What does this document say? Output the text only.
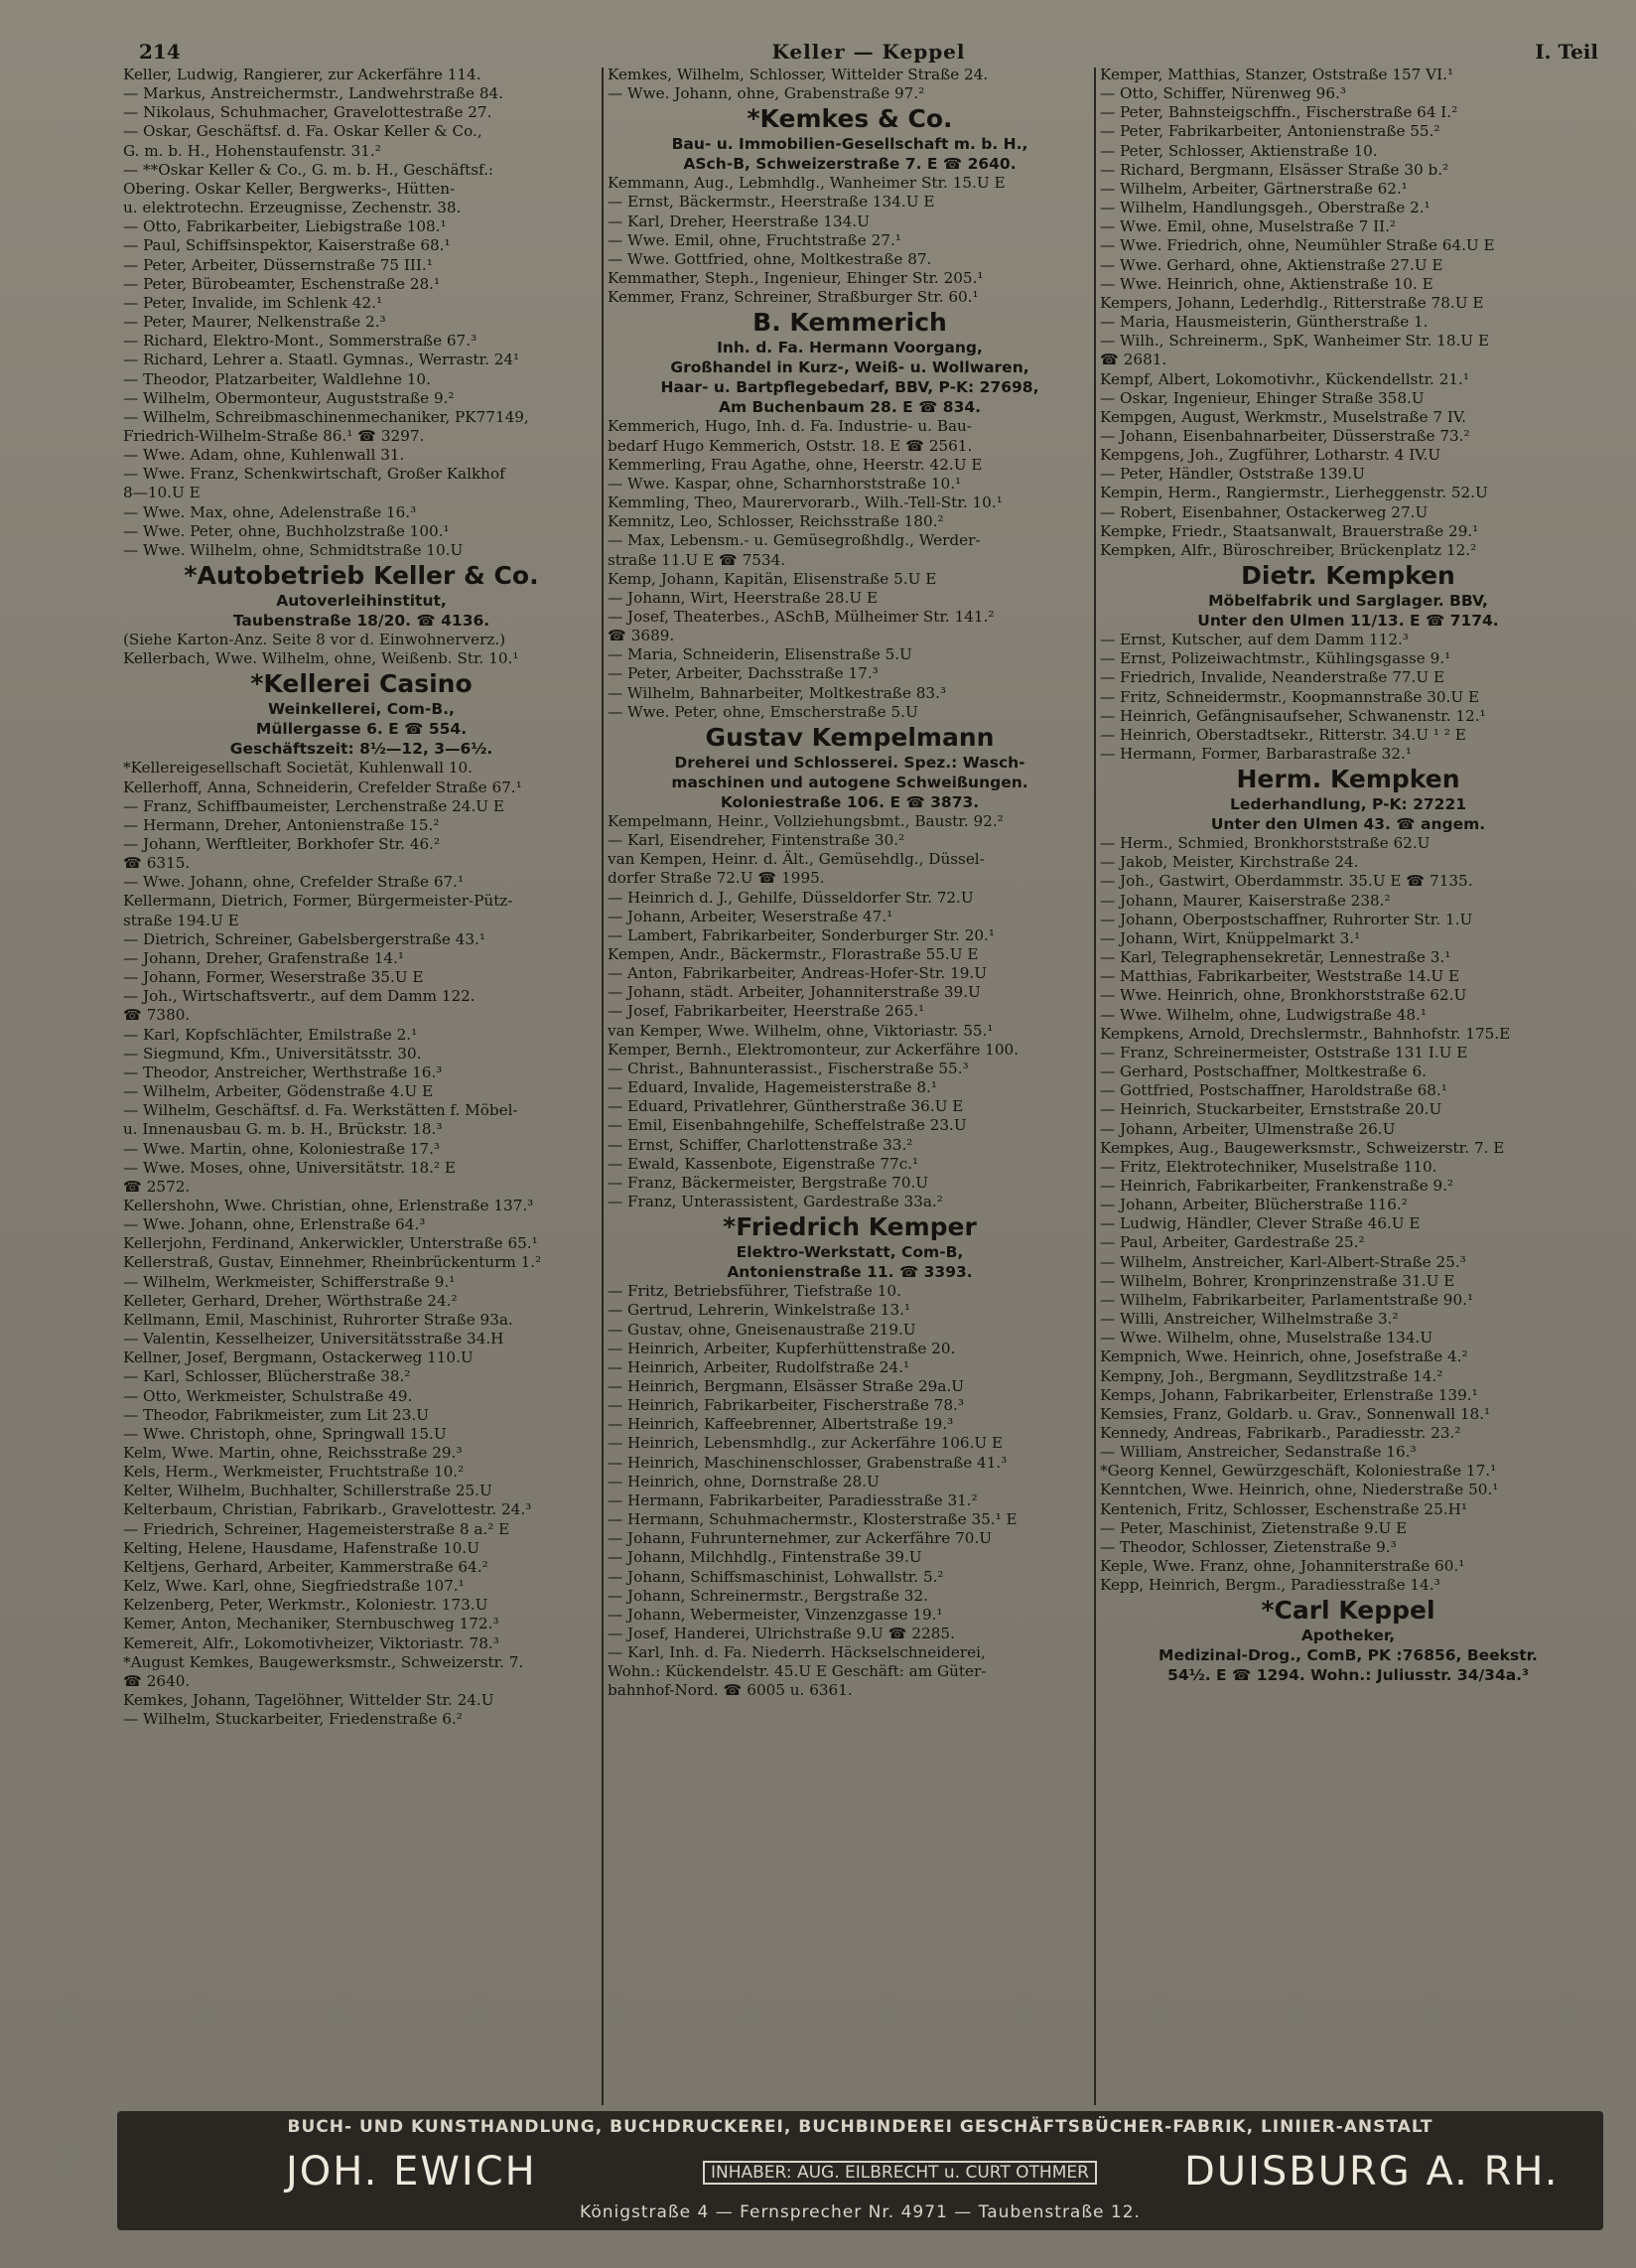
214	Keller — Keppel	I. Teil
Keller, Ludwig, Rangierer, zur Ackerfähre 114.
— Markus, Anstreichermstr., Landwehrstraße 84.
— Nikolaus, Schuhmacher, Gravelottestraße 27.
— Oskar, Geschäftsf. d. Fa. Oskar Keller & Co.,
G. m. b. H., Hohenstaufenstr. 31.²
— **Oskar Keller & Co., G. m. b. H., Geschäftsf.:
Obering. Oskar Keller, Bergwerks-, Hütten-
u. elektrotechn. Erzeugnisse, Zechenstr. 38.
— Otto, Fabrikarbeiter, Liebigstraße 108.¹
— Paul, Schiffsinspektor, Kaiserstraße 68.¹
— Peter, Arbeiter, Düssernstraße 75 III.¹
— Peter, Bürobeamter, Eschenstraße 28.¹
— Peter, Invalide, im Schlenk 42.¹
— Peter, Maurer, Nelkenstraße 2.³
— Richard, Elektro-Mont., Sommerstraße 67.³
— Richard, Lehrer a. Staatl. Gymnas., Werrastr. 24¹
— Theodor, Platzarbeiter, Waldlehne 10.
— Wilhelm, Obermonteur, Auguststraße 9.²
— Wilhelm, Schreibmaschinenmechaniker, PK77149,
Friedrich-Wilhelm-Straße 86.¹ ☎ 3297.
— Wwe. Adam, ohne, Kuhlenwall 31.
— Wwe. Franz, Schenkwirtschaft, Großer Kalkhof
8—10.U E
— Wwe. Max, ohne, Adelenstraße 16.³
— Wwe. Peter, ohne, Buchholzstraße 100.¹
— Wwe. Wilhelm, ohne, Schmidtstraße 10.U
*Autobetrieb Keller & Co.
Autoverleihinstitut,
Taubenstraße 18/20. ☎ 4136.
(Siehe Karton-Anz. Seite 8 vor d. Einwohnerverz.)
Kellerbach, Wwe. Wilhelm, ohne, Weißenb. Str. 10.¹
*Kellerei Casino
Weinkellerei, Com-B.,
Müllergasse 6. E ☎ 554.
Geschäftszeit: 8½—12, 3—6½.
*Kellereigesellschaft Societät, Kuhlenwall 10.
Kellerhoff, Anna, Schneiderin, Crefelder Straße 67.¹
— Franz, Schiffbaumeister, Lerchenstraße 24.U E
— Hermann, Dreher, Antonienstraße 15.²
— Johann, Werftleiter, Borkhofer Str. 46.²
☎ 6315.
— Wwe. Johann, ohne, Crefelder Straße 67.¹
Kellermann, Dietrich, Former, Bürgermeister-Pütz-
straße 194.U E
— Dietrich, Schreiner, Gabelsbergerstraße 43.¹
— Johann, Dreher, Grafenstraße 14.¹
— Johann, Former, Weserstraße 35.U E
— Joh., Wirtschaftsvertr., auf dem Damm 122.
☎ 7380.
— Karl, Kopfschlächter, Emilstraße 2.¹
— Siegmund, Kfm., Universitätsstr. 30.
— Theodor, Anstreicher, Werthstraße 16.³
— Wilhelm, Arbeiter, Gödenstraße 4.U E
— Wilhelm, Geschäftsf. d. Fa. Werkstätten f. Möbel-
u. Innenausbau G. m. b. H., Brückstr. 18.³
— Wwe. Martin, ohne, Koloniestraße 17.³
— Wwe. Moses, ohne, Universitätstr. 18.² E
☎ 2572.
Kellershohn, Wwe. Christian, ohne, Erlenstraße 137.³
— Wwe. Johann, ohne, Erlenstraße 64.³
Kellerjohn, Ferdinand, Ankerwickler, Unterstraße 65.¹
Kellerstraß, Gustav, Einnehmer, Rheinbrückenturm 1.²
— Wilhelm, Werkmeister, Schifferstraße 9.¹
Kelleter, Gerhard, Dreher, Wörthstraße 24.²
Kellmann, Emil, Maschinist, Ruhrorter Straße 93a.
— Valentin, Kesselheizer, Universitätsstraße 34.H
Kellner, Josef, Bergmann, Ostackerweg 110.U
— Karl, Schlosser, Blücherstraße 38.²
— Otto, Werkmeister, Schulstraße 49.
— Theodor, Fabrikmeister, zum Lit 23.U
— Wwe. Christoph, ohne, Springwall 15.U
Kelm, Wwe. Martin, ohne, Reichsstraße 29.³
Kels, Herm., Werkmeister, Fruchtstraße 10.²
Kelter, Wilhelm, Buchhalter, Schillerstraße 25.U
Kelterbaum, Christian, Fabrikarb., Gravelottestr. 24.³
— Friedrich, Schreiner, Hagemeisterstraße 8 a.² E
Kelting, Helene, Hausdame, Hafenstraße 10.U
Keltjens, Gerhard, Arbeiter, Kammerstraße 64.²
Kelz, Wwe. Karl, ohne, Siegfriedstraße 107.¹
Kelzenberg, Peter, Werkmstr., Koloniestr. 173.U
Kemer, Anton, Mechaniker, Sternbuschweg 172.³
Kemereit, Alfr., Lokomotivheizer, Viktoriastr. 78.³
*August Kemkes, Baugewerksmstr., Schweizerstr. 7.
☎ 2640.
Kemkes, Johann, Tagelöhner, Wittelder Str. 24.U
— Wilhelm, Stuckarbeiter, Friedenstraße 6.²
Kemkes, Wilhelm, Schlosser, Wittelder Straße 24.
— Wwe. Johann, ohne, Grabenstraße 97.²
*Kemkes & Co.
Bau- u. Immobilien-Gesellschaft m. b. H.,
ASch-B, Schweizerstraße 7. E ☎ 2640.
Kemmann, Aug., Lebmhdlg., Wanheimer Str. 15.U E
— Ernst, Bäckermstr., Heerstraße 134.U E
— Karl, Dreher, Heerstraße 134.U
— Wwe. Emil, ohne, Fruchtstraße 27.¹
— Wwe. Gottfried, ohne, Moltkestraße 87.
Kemmather, Steph., Ingenieur, Ehinger Str. 205.¹
Kemmer, Franz, Schreiner, Straßburger Str. 60.¹
B. Kemmerich
Inh. d. Fa. Hermann Voorgang,
Großhandel in Kurz-, Weiß- u. Wollwaren,
Haar- u. Bartpflegebedarf, BBV, P-K: 27698,
Am Buchenbaum 28. E ☎ 834.
Kemmerich, Hugo, Inh. d. Fa. Industrie- u. Bau-
bedarf Hugo Kemmerich, Oststr. 18. E ☎ 2561.
Kemmerling, Frau Agathe, ohne, Heerstr. 42.U E
— Wwe. Kaspar, ohne, Scharnhorststraße 10.¹
Kemmling, Theo, Maurervorarb., Wilh.-Tell-Str. 10.¹
Kemnitz, Leo, Schlosser, Reichsstraße 180.²
— Max, Lebensm.- u. Gemüsegroßhdlg., Werder-
straße 11.U E ☎ 7534.
Kemp, Johann, Kapitän, Elisenstraße 5.U E
— Johann, Wirt, Heerstraße 28.U E
— Josef, Theaterbes., ASchB, Mülheimer Str. 141.²
☎ 3689.
— Maria, Schneiderin, Elisenstraße 5.U
— Peter, Arbeiter, Dachsstraße 17.³
— Wilhelm, Bahnarbeiter, Moltkestraße 83.³
— Wwe. Peter, ohne, Emscherstraße 5.U
Gustav Kempelmann
Dreherei und Schlosserei. Spez.: Wasch-
maschinen und autogene Schweißungen.
Koloniestraße 106. E ☎ 3873.
Kempelmann, Heinr., Vollziehungsbmt., Baustr. 92.²
— Karl, Eisendreher, Fintenstraße 30.²
van Kempen, Heinr. d. Ält., Gemüsehdlg., Düssel-
dorfer Straße 72.U ☎ 1995.
— Heinrich d. J., Gehilfe, Düsseldorfer Str. 72.U
— Johann, Arbeiter, Weserstraße 47.¹
— Lambert, Fabrikarbeiter, Sonderburger Str. 20.¹
Kempen, Andr., Bäckermstr., Florastraße 55.U E
— Anton, Fabrikarbeiter, Andreas-Hofer-Str. 19.U
— Johann, städt. Arbeiter, Johanniterstraße 39.U
— Josef, Fabrikarbeiter, Heerstraße 265.¹
van Kemper, Wwe. Wilhelm, ohne, Viktoriastr. 55.¹
Kemper, Bernh., Elektromonteur, zur Ackerfähre 100.
— Christ., Bahnunterassist., Fischerstraße 55.³
— Eduard, Invalide, Hagemeisterstraße 8.¹
— Eduard, Privatlehrer, Güntherstraße 36.U E
— Emil, Eisenbahngehilfe, Scheffelstraße 23.U
— Ernst, Schiffer, Charlottenstraße 33.²
— Ewald, Kassenbote, Eigenstraße 77c.¹
— Franz, Bäckermeister, Bergstraße 70.U
— Franz, Unterassistent, Gardestraße 33a.²
*Friedrich Kemper
Elektro-Werkstatt, Com-B,
Antonienstraße 11. ☎ 3393.
— Fritz, Betriebsführer, Tiefstraße 10.
— Gertrud, Lehrerin, Winkelstraße 13.¹
— Gustav, ohne, Gneisenaustraße 219.U
— Heinrich, Arbeiter, Kupferhüttenstraße 20.
— Heinrich, Arbeiter, Rudolfstraße 24.¹
— Heinrich, Bergmann, Elsässer Straße 29a.U
— Heinrich, Fabrikarbeiter, Fischerstraße 78.³
— Heinrich, Kaffeebrenner, Albertstraße 19.³
— Heinrich, Lebensmhdlg., zur Ackerfähre 106.U E
— Heinrich, Maschinenschlosser, Grabenstraße 41.³
— Heinrich, ohne, Dornstraße 28.U
— Hermann, Fabrikarbeiter, Paradiesstraße 31.²
— Hermann, Schuhmachermstr., Klosterstraße 35.¹ E
— Johann, Fuhrunternehmer, zur Ackerfähre 70.U
— Johann, Milchhdlg., Fintenstraße 39.U
— Johann, Schiffsmaschinist, Lohwallstr. 5.²
— Johann, Schreinermstr., Bergstraße 32.
— Johann, Webermeister, Vinzenzgasse 19.¹
— Josef, Handerei, Ulrichstraße 9.U ☎ 2285.
— Karl, Inh. d. Fa. Niederrh. Häckselschneiderei,
Wohn.: Kückendelstr. 45.U E Geschäft: am Güter-
bahnhof-Nord. ☎ 6005 u. 6361.
Kemper, Matthias, Stanzer, Oststraße 157 VI.¹
— Otto, Schiffer, Nürenweg 96.³
— Peter, Bahnsteigschffn., Fischerstraße 64 I.²
— Peter, Fabrikarbeiter, Antonienstraße 55.²
— Peter, Schlosser, Aktienstraße 10.
— Richard, Bergmann, Elsässer Straße 30 b.²
— Wilhelm, Arbeiter, Gärtnerstraße 62.¹
— Wilhelm, Handlungsgeh., Oberstraße 2.¹
— Wwe. Emil, ohne, Muselstraße 7 II.²
— Wwe. Friedrich, ohne, Neumühler Straße 64.U E
— Wwe. Gerhard, ohne, Aktienstraße 27.U E
— Wwe. Heinrich, ohne, Aktienstraße 10. E
Kempers, Johann, Lederhdlg., Ritterstraße 78.U E
— Maria, Hausmeisterin, Güntherstraße 1.
— Wilh., Schreinerm., SpK, Wanheimer Str. 18.U E
☎ 2681.
Kempf, Albert, Lokomotivhr., Kückendellstr. 21.¹
— Oskar, Ingenieur, Ehinger Straße 358.U
Kempgen, August, Werkmstr., Muselstraße 7 IV.
— Johann, Eisenbahnarbeiter, Düsserstraße 73.²
Kempgens, Joh., Zugführer, Lotharstr. 4 IV.U
— Peter, Händler, Oststraße 139.U
Kempin, Herm., Rangiermstr., Lierheggenstr. 52.U
— Robert, Eisenbahner, Ostackerweg 27.U
Kempke, Friedr., Staatsanwalt, Brauerstraße 29.¹
Kempken, Alfr., Büroschreiber, Brückenplatz 12.²
Dietr. Kempken
Möbelfabrik und Sarglager. BBV,
Unter den Ulmen 11/13. E ☎ 7174.
— Ernst, Kutscher, auf dem Damm 112.³
— Ernst, Polizeiwachtmstr., Kühlingsgasse 9.¹
— Friedrich, Invalide, Neanderstraße 77.U E
— Fritz, Schneidermstr., Koopmannstraße 30.U E
— Heinrich, Gefängnisaufseher, Schwanenstr. 12.¹
— Heinrich, Oberstadtsekr., Ritterstr. 34.U ¹ ² E
— Hermann, Former, Barbarastraße 32.¹
Herm. Kempken
Lederhandlung, P-K: 27221
Unter den Ulmen 43. ☎ angem.
— Herm., Schmied, Bronkhorststraße 62.U
— Jakob, Meister, Kirchstraße 24.
— Joh., Gastwirt, Oberdammstr. 35.U E ☎ 7135.
— Johann, Maurer, Kaiserstraße 238.²
— Johann, Oberpostschaffner, Ruhrorter Str. 1.U
— Johann, Wirt, Knüppelmarkt 3.¹
— Karl, Telegraphensekretär, Lennestraße 3.¹
— Matthias, Fabrikarbeiter, Weststraße 14.U E
— Wwe. Heinrich, ohne, Bronkhorststraße 62.U
— Wwe. Wilhelm, ohne, Ludwigstraße 48.¹
Kempkens, Arnold, Drechslermstr., Bahnhofstr. 175.E
— Franz, Schreinermeister, Oststraße 131 I.U E
— Gerhard, Postschaffner, Moltkestraße 6.
— Gottfried, Postschaffner, Haroldstraße 68.¹
— Heinrich, Stuckarbeiter, Ernststraße 20.U
— Johann, Arbeiter, Ulmenstraße 26.U
Kempkes, Aug., Baugewerksmstr., Schweizerstr. 7. E
— Fritz, Elektrotechniker, Muselstraße 110.
— Heinrich, Fabrikarbeiter, Frankenstraße 9.²
— Johann, Arbeiter, Blücherstraße 116.²
— Ludwig, Händler, Clever Straße 46.U E
— Paul, Arbeiter, Gardestraße 25.²
— Wilhelm, Anstreicher, Karl-Albert-Straße 25.³
— Wilhelm, Bohrer, Kronprinzenstraße 31.U E
— Wilhelm, Fabrikarbeiter, Parlamentstraße 90.¹
— Willi, Anstreicher, Wilhelmstraße 3.²
— Wwe. Wilhelm, ohne, Muselstraße 134.U
Kempnich, Wwe. Heinrich, ohne, Josefstraße 4.²
Kempny, Joh., Bergmann, Seydlitzstraße 14.²
Kemps, Johann, Fabrikarbeiter, Erlenstraße 139.¹
Kemsies, Franz, Goldarb. u. Grav., Sonnenwall 18.¹
Kennedy, Andreas, Fabrikarb., Paradiesstr. 23.²
— William, Anstreicher, Sedanstraße 16.³
*Georg Kennel, Gewürzgeschäft, Koloniestraße 17.¹
Kenntchen, Wwe. Heinrich, ohne, Niederstraße 50.¹
Kentenich, Fritz, Schlosser, Eschenstraße 25.H¹
— Peter, Maschinist, Zietenstraße 9.U E
— Theodor, Schlosser, Zietenstraße 9.³
Keple, Wwe. Franz, ohne, Johanniterstraße 60.¹
Kepp, Heinrich, Bergm., Paradiesstraße 14.³
*Carl Keppel
Apotheker,
Medizinal-Drog., ComB, PK :76856, Beekstr.
54½. E ☎ 1294. Wohn.: Juliusstr. 34/34a.³
BUCH- UND KUNSTHANDLUNG, BUCHDRUCKEREI, BUCHBINDEREI GESCHÄFTSBÜCHER-FABRIK, LINIIER-ANSTALT
JOH. EWICH	INHABER: AUG. EILBRECHT u. CURT OTHMER DUISBURG A. RH.
Königstraße 4 — Fernsprecher Nr. 4971 — Taubenstraße 12.
